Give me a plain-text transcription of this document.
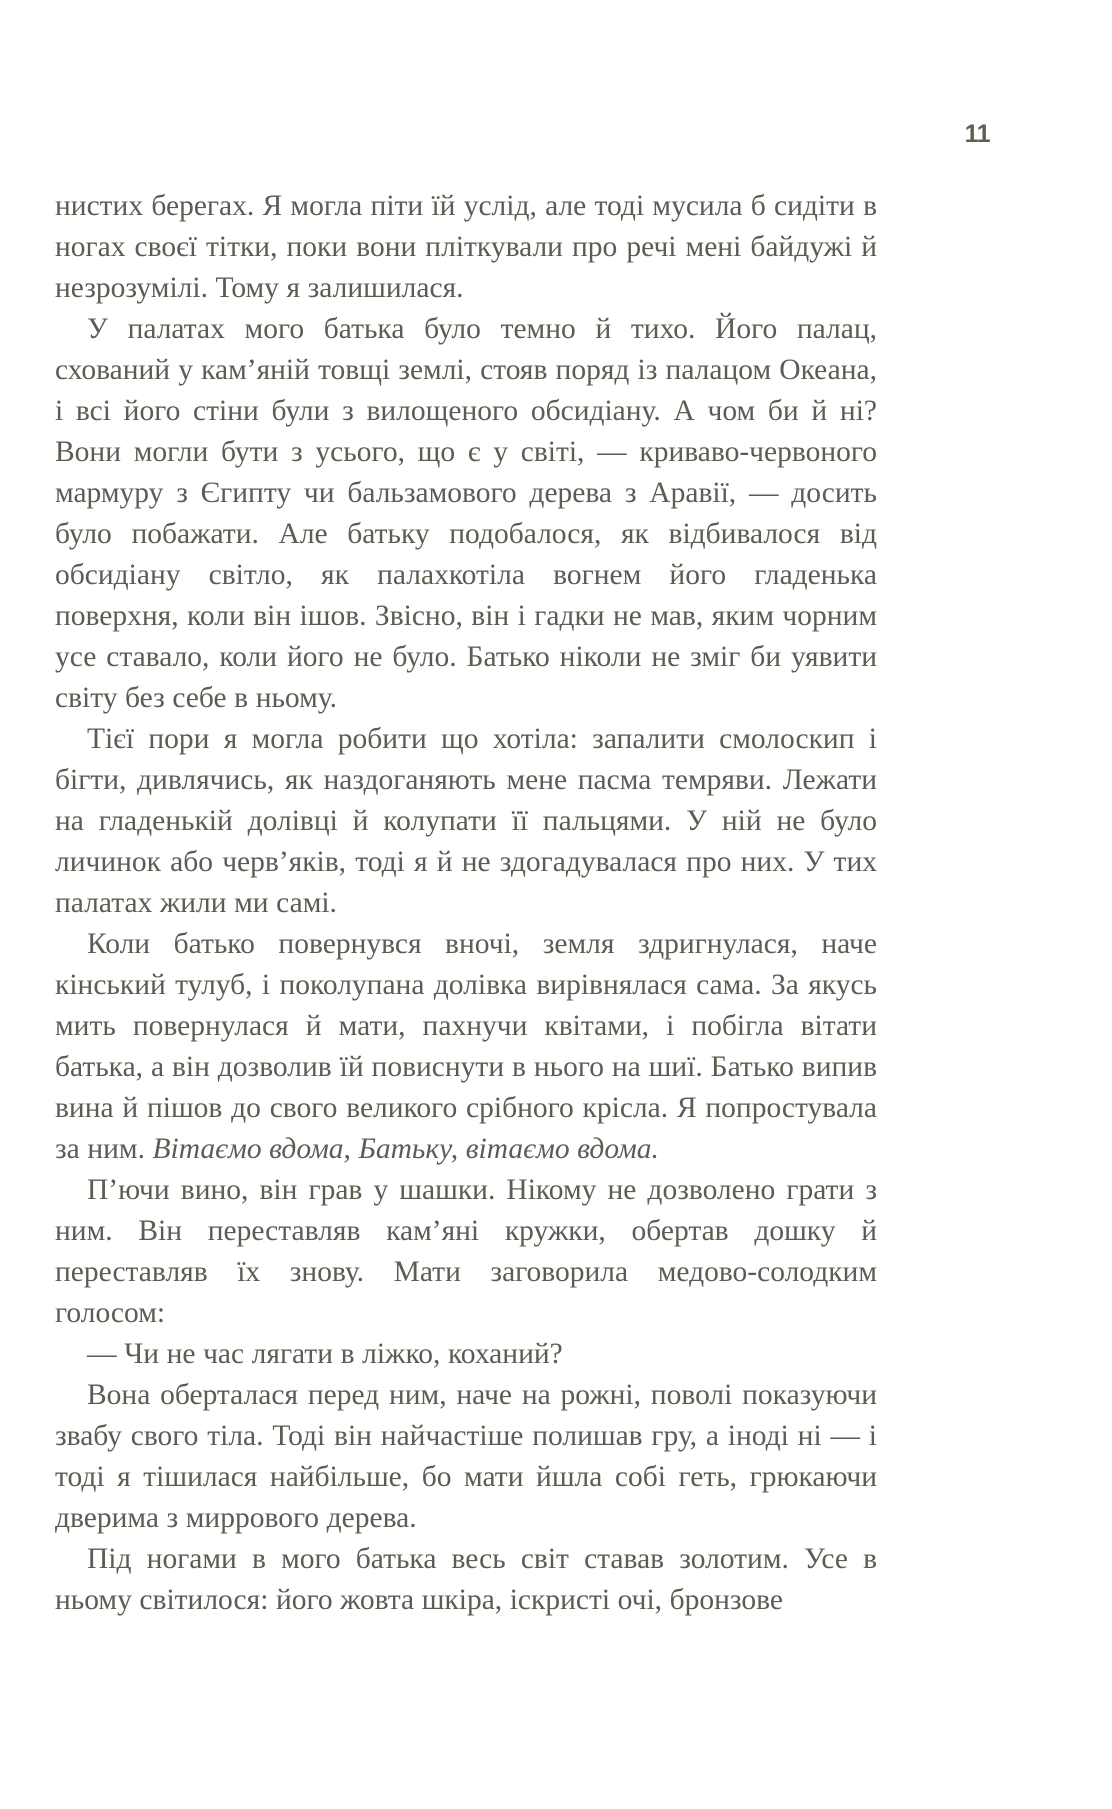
11

нистих берегах. Я могла піти їй услід, але тоді мусила б сидіти в ногах своєї тітки, поки вони пліткували про речі мені байдужі й незрозумілі. Тому я залишилася.

У палатах мого батька було темно й тихо. Його палац, схований у кам’яній товщі землі, стояв поряд із палацом Океана, і всі його стіни були з вилощеного обсидіану. А чом би й ні? Вони могли бути з усього, що є у світі, — криваво-червоного мармуру з Єгипту чи бальзамового дерева з Аравії, — досить було побажати. Але батьку подобалося, як відбивалося від обсидіану світло, як палахкотіла вогнем його гладенька поверхня, коли він ішов. Звісно, він і гадки не мав, яким чорним усе ставало, коли його не було. Батько ніколи не зміг би уявити світу без себе в ньому.

Тієї пори я могла робити що хотіла: запалити смолоскип і бігти, дивлячись, як наздоганяють мене пасма темряви. Лежати на гладенькій долівці й колупати її пальцями. У ній не було личинок або черв’яків, тоді я й не здогадувалася про них. У тих палатах жили ми самі.

Коли батько повернувся вночі, земля здригнулася, наче кінський тулуб, і поколупана долівка вирівнялася сама. За якусь мить повернулася й мати, пахнучи квітами, і побігла вітати батька, а він дозволив їй повиснути в нього на шиї. Батько випив вина й пішов до свого великого срібного крісла. Я попростувала за ним. Вітаємо вдома, Батьку, вітаємо вдома.

П’ючи вино, він грав у шашки. Нікому не дозволено грати з ним. Він переставляв кам’яні кружки, обертав дошку й переставляв їх знову. Мати заговорила медово-солодким голосом:

— Чи не час лягати в ліжко, коханий?

Вона оберталася перед ним, наче на рожні, поволі показуючи звабу свого тіла. Тоді він найчастіше полишав гру, а іноді ні — і тоді я тішилася найбільше, бо мати йшла собі геть, грюкаючи дверима з миррового дерева.

Під ногами в мого батька весь світ ставав золотим. Усе в ньому світилося: його жовта шкіра, іскристі очі, бронзове
